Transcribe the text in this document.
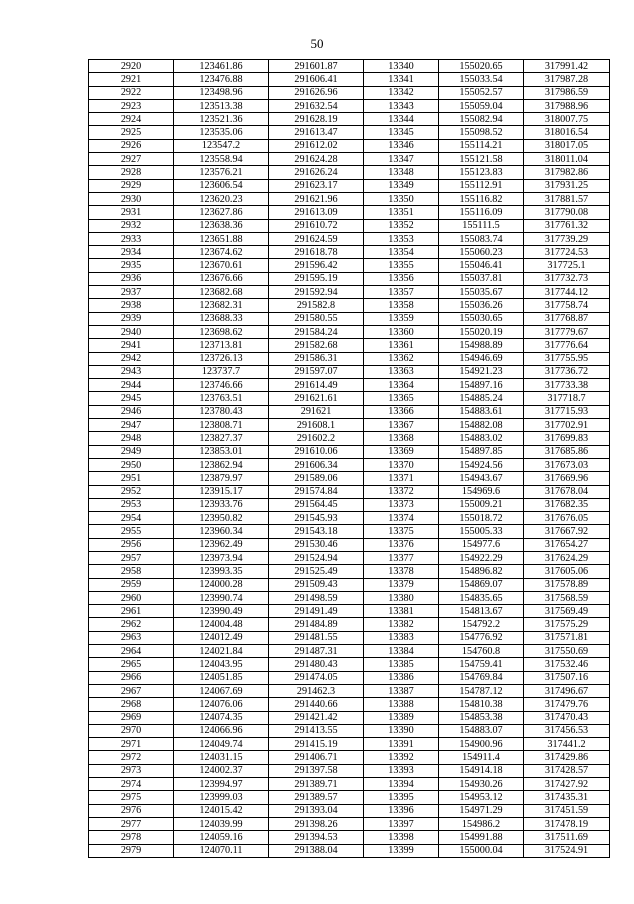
50
2920	123461.86	291601.87	13340	155020.65	317991.42
2921	123476.88	291606.41	13341	155033.54	317987.28
2922	123498.96	291626.96	13342	155052.57	317986.59
2923	123513.38	291632.54	13343	155059.04	317988.96
2924	123521.36	291628.19	13344	155082.94	318007.75
2925	123535.06	291613.47	13345	155098.52	318016.54
2926	123547.2	291612.02	13346	155114.21	318017.05
2927	123558.94	291624.28	13347	155121.58	318011.04
2928	123576.21	291626.24	13348	155123.83	317982.86
2929	123606.54	291623.17	13349	155112.91	317931.25
2930	123620.23	291621.96	13350	155116.82	317881.57
2931	123627.86	291613.09	13351	155116.09	317790.08
2932	123638.36	291610.72	13352	155111.5	317761.32
2933	123651.88	291624.59	13353	155083.74	317739.29
2934	123674.62	291618.78	13354	155060.23	317724.53
2935	123670.61	291596.42	13355	155046.41	317725.1
2936	123676.66	291595.19	13356	155037.81	317732.73
2937	123682.68	291592.94	13357	155035.67	317744.12
2938	123682.31	291582.8	13358	155036.26	317758.74
2939	123688.33	291580.55	13359	155030.65	317768.87
2940	123698.62	291584.24	13360	155020.19	317779.67
2941	123713.81	291582.68	13361	154988.89	317776.64
2942	123726.13	291586.31	13362	154946.69	317755.95
2943	123737.7	291597.07	13363	154921.23	317736.72
2944	123746.66	291614.49	13364	154897.16	317733.38
2945	123763.51	291621.61	13365	154885.24	317718.7
2946	123780.43	291621	13366	154883.61	317715.93
2947	123808.71	291608.1	13367	154882.08	317702.91
2948	123827.37	291602.2	13368	154883.02	317699.83
2949	123853.01	291610.06	13369	154897.85	317685.86
2950	123862.94	291606.34	13370	154924.56	317673.03
2951	123879.97	291589.06	13371	154943.67	317669.96
2952	123915.17	291574.84	13372	154969.6	317678.04
2953	123933.76	291564.45	13373	155009.21	317682.35
2954	123950.82	291545.93	13374	155018.72	317676.05
2955	123960.34	291543.18	13375	155005.33	317667.92
2956	123962.49	291530.46	13376	154977.6	317654.27
2957	123973.94	291524.94	13377	154922.29	317624.29
2958	123993.35	291525.49	13378	154896.82	317605.06
2959	124000.28	291509.43	13379	154869.07	317578.89
2960	123990.74	291498.59	13380	154835.65	317568.59
2961	123990.49	291491.49	13381	154813.67	317569.49
2962	124004.48	291484.89	13382	154792.2	317575.29
2963	124012.49	291481.55	13383	154776.92	317571.81
2964	124021.84	291487.31	13384	154760.8	317550.69
2965	124043.95	291480.43	13385	154759.41	317532.46
2966	124051.85	291474.05	13386	154769.84	317507.16
2967	124067.69	291462.3	13387	154787.12	317496.67
2968	124076.06	291440.66	13388	154810.38	317479.76
2969	124074.35	291421.42	13389	154853.38	317470.43
2970	124066.96	291413.55	13390	154883.07	317456.53
2971	124049.74	291415.19	13391	154900.96	317441.2
2972	124031.15	291406.71	13392	154911.4	317429.86
2973	124002.37	291397.58	13393	154914.18	317428.57
2974	123994.97	291389.71	13394	154930.26	317427.92
2975	123999.03	291389.57	13395	154953.12	317435.31
2976	124015.42	291393.04	13396	154971.29	317451.59
2977	124039.99	291398.26	13397	154986.2	317478.19
2978	124059.16	291394.53	13398	154991.88	317511.69
2979	124070.11	291388.04	13399	155000.04	317524.91
